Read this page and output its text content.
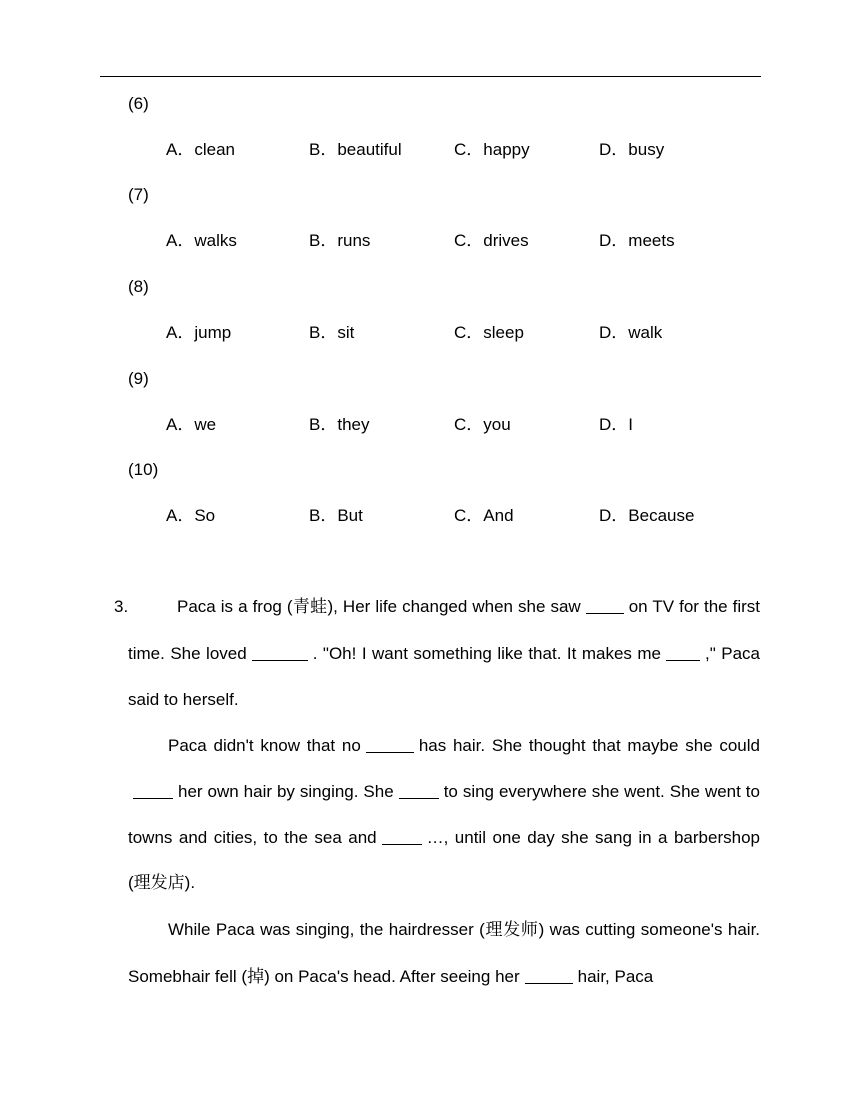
(6)
A．clean	B．beautiful	C．happy	D．busy
(7)
A．walks	B．runs	C．drives	D．meets
(8)
A．jump	B．sit	C．sleep	D．walk
(9)
A．we	B．they	C．you	D．I
(10)
A．So	B．But	C．And	D．Because
3.	Paca is a frog (青蛙), Her life changed when she saw	on TV for the first time. She loved	. "Oh! I want something like that. It makes me	," Paca said to herself.

Paca didn't know that no	has hair. She thought that maybe she couldher own hair by singing. She	to sing everywhere she went. She went to towns and cities, to the sea and	…, until one day she sang in a barbershop (理发店).

While Paca was singing, the hairdresser (理发师) was cutting someone's hair. Somebhair fell (掉) on Paca's head. After seeing her	hair, Paca
